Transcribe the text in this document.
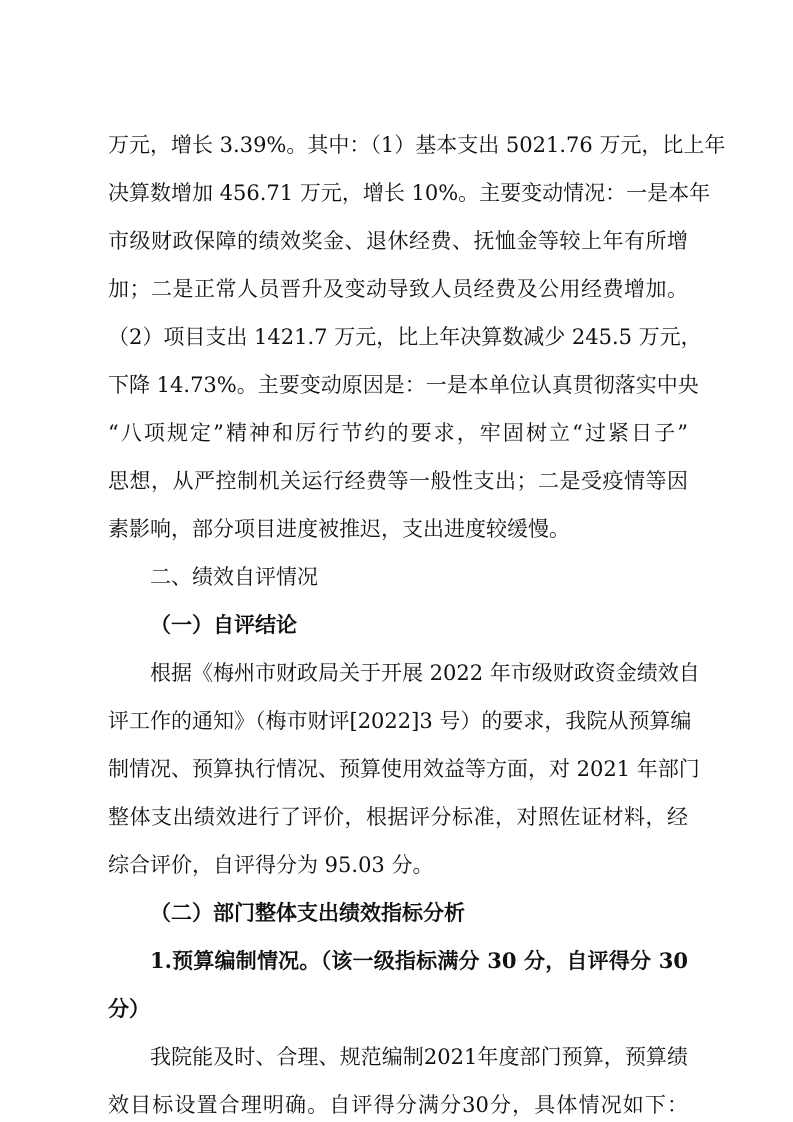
万元，增长 3.39%。其中：（1）基本支出 5021.76 万元，比上年
决算数增加 456.71 万元，增长 10%。主要变动情况：一是本年
市级财政保障的绩效奖金、退休经费、抚恤金等较上年有所增
加；二是正常人员晋升及变动导致人员经费及公用经费增加。
（2）项目支出 1421.7 万元，比上年决算数减少 245.5 万元，
下降 14.73%。主要变动原因是：一是本单位认真贯彻落实中央
“八项规定”精神和厉行节约的要求，牢固树立“过紧日子”
思想，从严控制机关运行经费等一般性支出；二是受疫情等因
素影响，部分项目进度被推迟，支出进度较缓慢。
二、绩效自评情况
（一）自评结论
根据《梅州市财政局关于开展 2022 年市级财政资金绩效自
评工作的通知》（梅市财评[2022]3 号）的要求，我院从预算编
制情况、预算执行情况、预算使用效益等方面，对 2021 年部门
整体支出绩效进行了评价，根据评分标准，对照佐证材料，经
综合评价，自评得分为 95.03 分。
（二）部门整体支出绩效指标分析
1.预算编制情况。（该一级指标满分 30 分，自评得分 30
分）
我院能及时、合理、规范编制2021年度部门预算，预算绩
效目标设置合理明确。自评得分满分30分，具体情况如下：
